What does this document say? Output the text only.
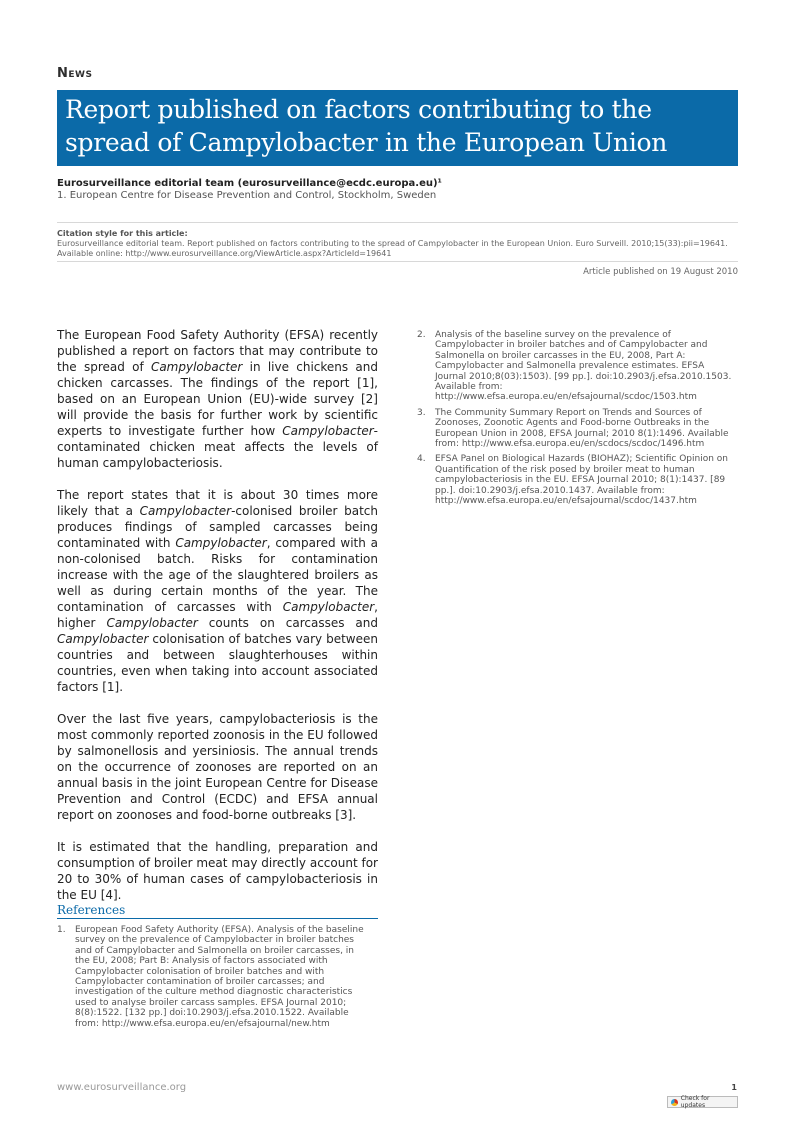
News
Report published on factors contributing to the spread of Campylobacter in the European Union
Eurosurveillance editorial team (eurosurveillance@ecdc.europa.eu)¹
1. European Centre for Disease Prevention and Control, Stockholm, Sweden
Citation style for this article:
Eurosurveillance editorial team. Report published on factors contributing to the spread of Campylobacter in the European Union. Euro Surveill. 2010;15(33):pii=19641. Available online: http://www.eurosurveillance.org/ViewArticle.aspx?ArticleId=19641
Article published on 19 August 2010

The European Food Safety Authority (EFSA) recently published a report on factors that may contribute to the spread of Campylobacter in live chickens and chicken carcasses. The findings of the report [1], based on an European Union (EU)-wide survey [2] will provide the basis for further work by scientific experts to investigate further how Campylobacter-contaminated chicken meat affects the levels of human campylobacteriosis.

The report states that it is about 30 times more likely that a Campylobacter-colonised broiler batch produces findings of sampled carcasses being contaminated with Campylobacter, compared with a non-colonised batch. Risks for contamination increase with the age of the slaughtered broilers as well as during certain months of the year. The contamination of carcasses with Campylobacter, higher Campylobacter counts on carcasses and Campylobacter colonisation of batches vary between countries and between slaughterhouses within countries, even when taking into account associated factors [1].

Over the last five years, campylobacteriosis is the most commonly reported zoonosis in the EU followed by salmonellosis and yersiniosis. The annual trends on the occurrence of zoonoses are reported on an annual basis in the joint European Centre for Disease Prevention and Control (ECDC) and EFSA annual report on zoonoses and food-borne outbreaks [3].

It is estimated that the handling, preparation and consumption of broiler meat may directly account for 20 to 30% of human cases of campylobacteriosis in the EU [4].

References
1. European Food Safety Authority (EFSA). Analysis of the baseline survey on the prevalence of Campylobacter in broiler batches and of Campylobacter and Salmonella on broiler carcasses, in the EU, 2008; Part B: Analysis of factors associated with Campylobacter colonisation of broiler batches and with Campylobacter contamination of broiler carcasses; and investigation of the culture method diagnostic characteristics used to analyse broiler carcass samples. EFSA Journal 2010; 8(8):1522. [132 pp.] doi:10.2903/j.efsa.2010.1522. Available from: http://www.efsa.europa.eu/en/efsajournal/new.htm
2. Analysis of the baseline survey on the prevalence of Campylobacter in broiler batches and of Campylobacter and Salmonella on broiler carcasses in the EU, 2008, Part A: Campylobacter and Salmonella prevalence estimates. EFSA Journal 2010;8(03):1503). [99 pp.]. doi:10.2903/j.efsa.2010.1503. Available from: http://www.efsa.europa.eu/en/efsajournal/scdoc/1503.htm
3. The Community Summary Report on Trends and Sources of Zoonoses, Zoonotic Agents and Food-borne Outbreaks in the European Union in 2008, EFSA Journal; 2010 8(1):1496. Available from: http://www.efsa.europa.eu/en/scdocs/scdoc/1496.htm
4. EFSA Panel on Biological Hazards (BIOHAZ); Scientific Opinion on Quantification of the risk posed by broiler meat to human campylobacteriosis in the EU. EFSA Journal 2010; 8(1):1437. [89 pp.]. doi:10.2903/j.efsa.2010.1437. Available from: http://www.efsa.europa.eu/en/efsajournal/scdoc/1437.htm
www.eurosurveillance.org	1
Check for updates
